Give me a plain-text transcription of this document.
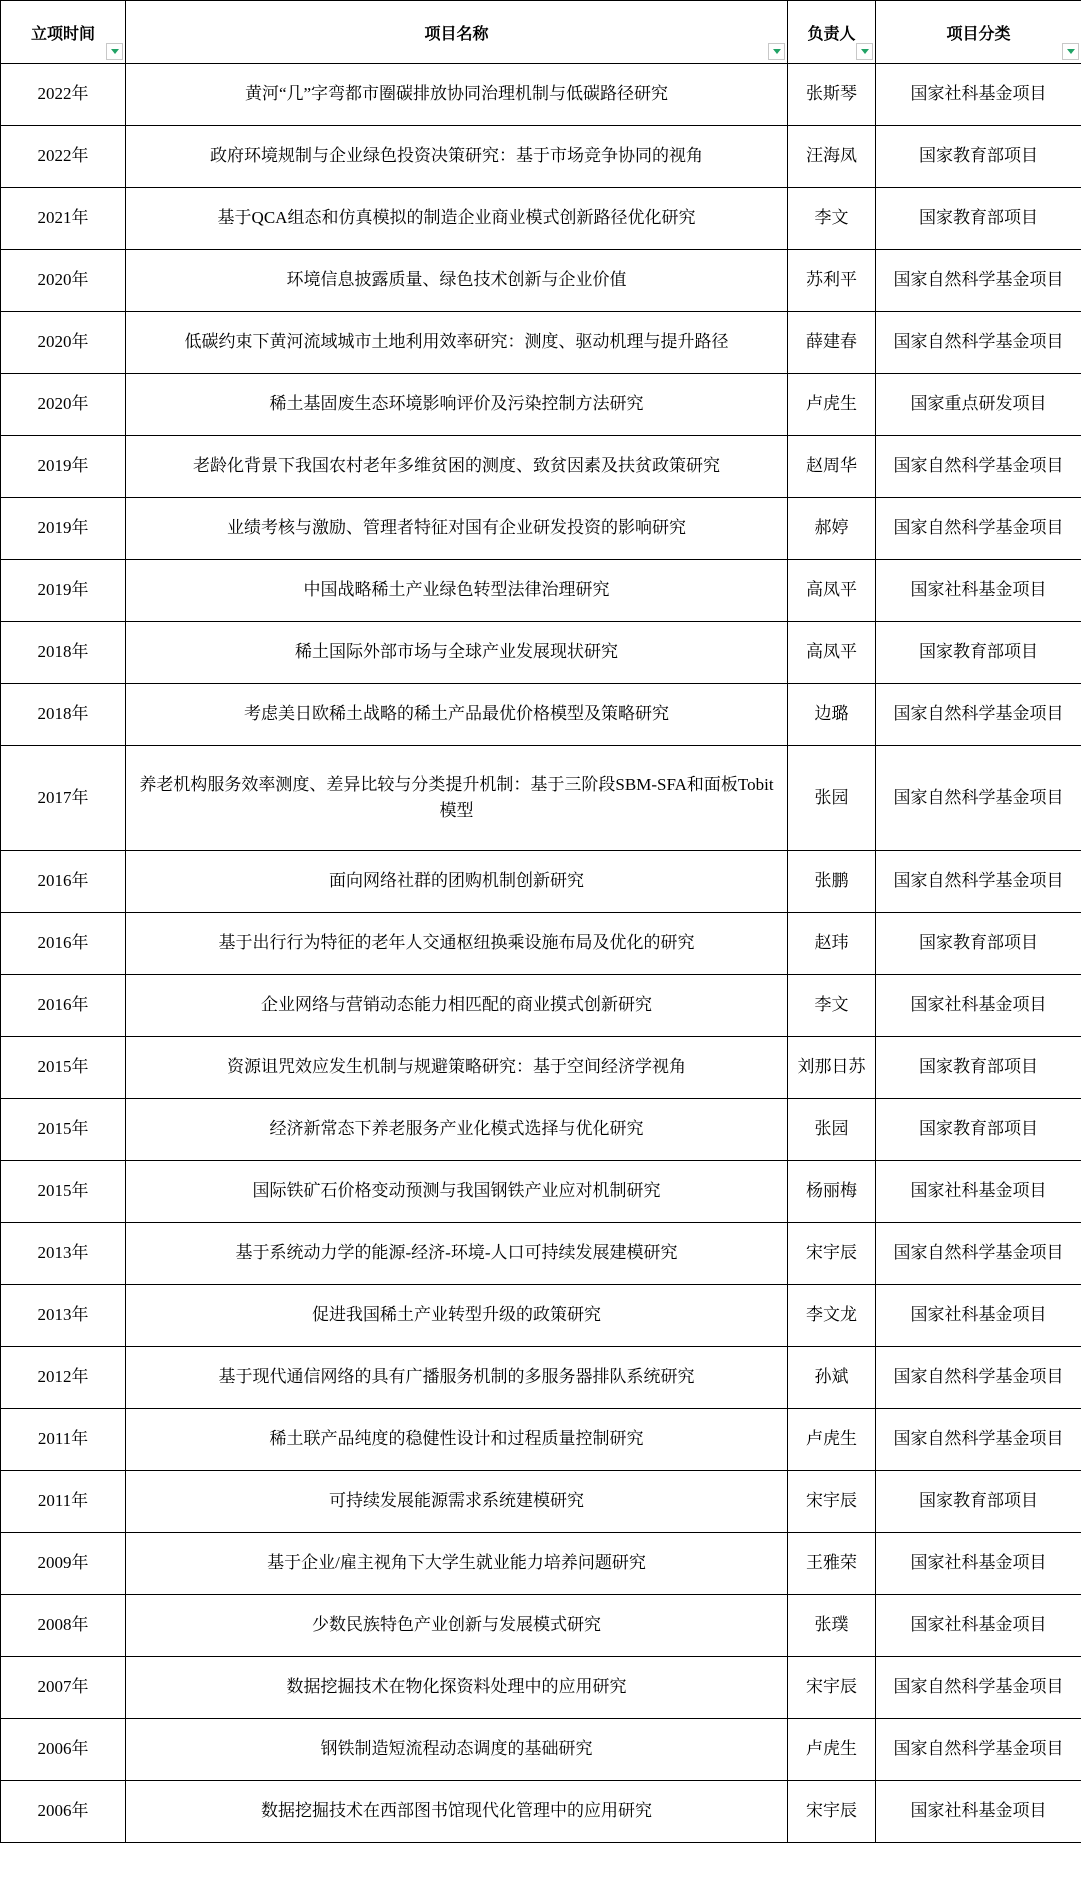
立项时间	项目名称	负责人	项目分类

2022年	黄河“几”字弯都市圈碳排放协同治理机制与低碳路径研究	张斯琴	国家社科基金项目
2022年	政府环境规制与企业绿色投资决策研究：基于市场竞争协同的视角	汪海凤	国家教育部项目
2021年	基于QCA组态和仿真模拟的制造企业商业模式创新路径优化研究	李文	国家教育部项目
2020年	环境信息披露质量、绿色技术创新与企业价值	苏利平	国家自然科学基金项目
2020年	低碳约束下黄河流域城市土地利用效率研究：测度、驱动机理与提升路径	薛建春	国家自然科学基金项目
2020年	稀土基固废生态环境影响评价及污染控制方法研究	卢虎生	国家重点研发项目
2019年	老龄化背景下我国农村老年多维贫困的测度、致贫因素及扶贫政策研究	赵周华	国家自然科学基金项目
2019年	业绩考核与激励、管理者特征对国有企业研发投资的影响研究	郝婷	国家自然科学基金项目
2019年	中国战略稀土产业绿色转型法律治理研究	高凤平	国家社科基金项目
2018年	稀土国际外部市场与全球产业发展现状研究	高凤平	国家教育部项目
2018年	考虑美日欧稀土战略的稀土产品最优价格模型及策略研究	边璐	国家自然科学基金项目
2017年	养老机构服务效率测度、差异比较与分类提升机制：基于三阶段SBM-SFA和面板Tobit模型	张园	国家自然科学基金项目
2016年	面向网络社群的团购机制创新研究	张鹏	国家自然科学基金项目
2016年	基于出行行为特征的老年人交通枢纽换乘设施布局及优化的研究	赵玮	国家教育部项目
2016年	企业网络与营销动态能力相匹配的商业摸式创新研究	李文	国家社科基金项目
2015年	资源诅咒效应发生机制与规避策略研究：基于空间经济学视角	刘那日苏	国家教育部项目
2015年	经济新常态下养老服务产业化模式选择与优化研究	张园	国家教育部项目
2015年	国际铁矿石价格变动预测与我国钢铁产业应对机制研究	杨丽梅	国家社科基金项目
2013年	基于系统动力学的能源-经济-环境-人口可持续发展建模研究	宋宇辰	国家自然科学基金项目
2013年	促进我国稀土产业转型升级的政策研究	李文龙	国家社科基金项目
2012年	基于现代通信网络的具有广播服务机制的多服务器排队系统研究	孙斌	国家自然科学基金项目
2011年	稀土联产品纯度的稳健性设计和过程质量控制研究	卢虎生	国家自然科学基金项目
2011年	可持续发展能源需求系统建模研究	宋宇辰	国家教育部项目
2009年	基于企业/雇主视角下大学生就业能力培养问题研究	王雅荣	国家社科基金项目
2008年	少数民族特色产业创新与发展模式研究	张璞	国家社科基金项目
2007年	数据挖掘技术在物化探资料处理中的应用研究	宋宇辰	国家自然科学基金项目
2006年	钢铁制造短流程动态调度的基础研究	卢虎生	国家自然科学基金项目
2006年	数据挖掘技术在西部图书馆现代化管理中的应用研究	宋宇辰	国家社科基金项目
